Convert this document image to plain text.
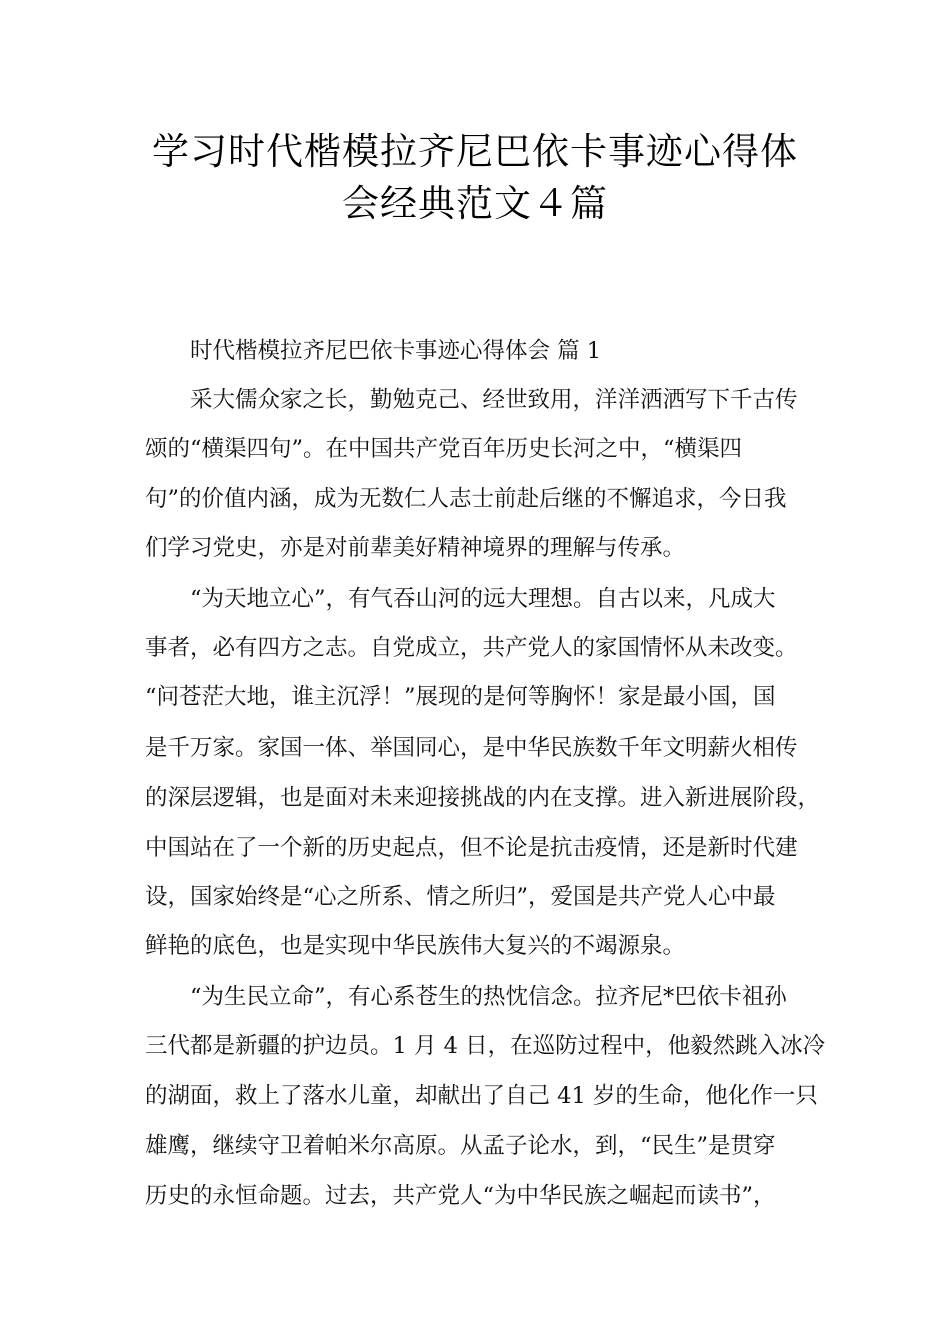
学习时代楷模拉齐尼巴依卡事迹心得体
会经典范文４篇
时代楷模拉齐尼巴依卡事迹心得体会 篇 1
采大儒众家之长，勤勉克己、经世致用，洋洋洒洒写下千古传
颂的“横渠四句”。在中国共产党百年历史长河之中，“横渠四
句”的价值内涵，成为无数仁人志士前赴后继的不懈追求，今日我
们学习党史，亦是对前辈美好精神境界的理解与传承。
“为天地立心”，有气吞山河的远大理想。自古以来，凡成大
事者，必有四方之志。自党成立，共产党人的家国情怀从未改变。
“问苍茫大地，谁主沉浮！”展现的是何等胸怀！家是最小国，国
是千万家。家国一体、举国同心，是中华民族数千年文明薪火相传
的深层逻辑，也是面对未来迎接挑战的内在支撑。进入新进展阶段，
中国站在了一个新的历史起点，但不论是抗击疫情，还是新时代建
设，国家始终是“心之所系、情之所归”，爱国是共产党人心中最
鲜艳的底色，也是实现中华民族伟大复兴的不竭源泉。
“为生民立命”，有心系苍生的热忱信念。拉齐尼*巴依卡祖孙
三代都是新疆的护边员。1 月 4 日，在巡防过程中，他毅然跳入冰冷
的湖面，救上了落水儿童，却献出了自己 41 岁的生命，他化作一只
雄鹰，继续守卫着帕米尔高原。从孟子论水，到，“民生”是贯穿
历史的永恒命题。过去，共产党人“为中华民族之崛起而读书”，
